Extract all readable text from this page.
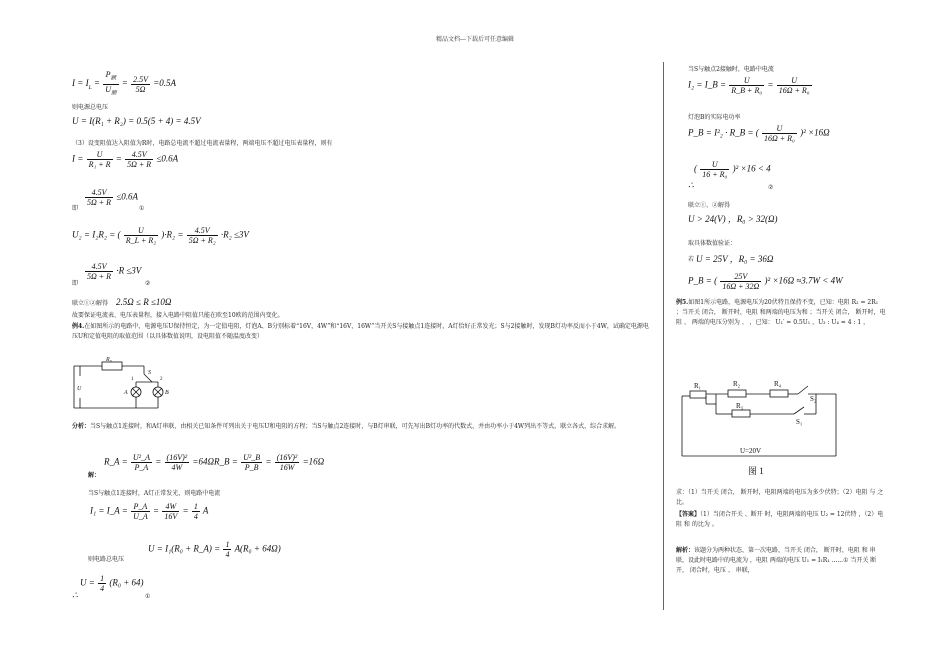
精品文档---下载后可任意编辑
$I = I_L$ =
$P_额$
$U_额$
= $\frac{2.5V}{5\Omega} =0.5A$
则电源总电压
U = I(R₁ + R₂) = 0.5(5 + 4) = 4.5V
（3）设变阻值达入阻值为R时，电路总电流不超过电流表量程，两端电压不超过电压表量程，则有
$I = \frac{U}{\text{R₁ + R}} = \frac{4.5V}{5\Omega + R} \le 0.6A$
$\frac{4.5V}{5\Omega + R} \le 0.6A$
即	①
U₂ = I₂R₂ = ( $\frac{U}{\text{R\_L + R₂}} )\cdot R_2 = \frac{4.5V}{\text{5Ω + R₂}} \cdot R_2 \le 3V$
$\frac{4.5V}{5\Omega + R} \cdot R \le 3V$
即	②
联立①②解得 2.5Ω ≤ R ≤10Ω
故要保证电流表、电压表量程，接入电路中阻值只能在欧至10欧的范围内变化。
例4.在如图所示的电路中，电源电压U保持恒定，为一定值电阻，灯泡A、B分别标着“16V，4W”和“16V，16W”当开关S与接触点1连接时，A灯恰好正常发光；S与2接触时，发现B灯功率反而小于4W，试确定电源电压U和定值电阻的取值范围（以具体数值说明，设电阻值不随温度改变）
R₀
S
U
1	2
A	B
分析：当S与触点1连接时，和A灯串联，由相关已知条件可列出关于电压U和电阻的方程；当S与触点2连接时，与B灯串联，可先写出B灯功率的代数式，并由功率小于4W列出不等式，联立各式，综合求解。
解：
R_A = $\frac{\text{U²\_A}}{P\_A} = \frac{\text{(16V)²}}{4W} =64\Omega$ R_B = $\frac{\text{U²\_B}}{P\_B} = \frac{\text{(16V)²}}{16W} =16\Omega$
当S与触点1连接时，A灯正常发光，则电路中电流
I₁ = I_A = $\frac{P\_A}{U\_A} = \frac{4W}{16V} = \frac{1}{4}$ A
U = I₁(R₀ + R_A) = $\frac{1}{4} A(R_0 + 64\Omega)$
则电路总电压
$U = \frac{1}{4} (R_0 + 64)$
∴	①
当S与触点2接触时，电路中电流
I₂ = I_B = $\frac{U}{\text{R\_B + R₀}} = \frac{U}{\text{16Ω + R₀}}$
灯泡B的实际电功率
P_B = I²₂ · R_B = ( $\frac{U}{\text{16Ω + R₀}} )^2 \times 16\Omega$
( $\frac{U}{\text{16 + R₀}} )^2 \times 16 < 4$
∴	②
联立①、②解得
U > 24(V) ，R₀ > 32(Ω)
取具体数值验证：
若 U = 25V ，R₀ = 36Ω
P_B = ( $\frac{25V}{16\Omega + 32\Omega} )^2 \times 16\Omega \approx 3.7W < 4W$
例5.如图1所示电路，电源电压为20伏特且保持不变，已知：电阻 R₂ = 2R₁ ；当开关 闭合， 断开时，电阻 和两端的电压为和 ；当开关 闭合， 断开时，电阻 、 两端的电压分别为 、 ，已知： U₁′ = 0.5U₁ ，U₃ : U₄ = 4 : 1 ，
R₁	R₂	R₄
R₃
S₂
S₁
U=20V
图 1
求：（1）当开关 闭合， 断开时，电阻两端的电压为多少伏特；（2）电阻 与 之比。
【答案】（1）当闭合开关 、断开 时，电阻两端的电压 U₂ = 12伏特 ，（2）电阻 和 的比为 。
解析：该题分为两种状态，第一次电路，当开关 闭合， 断开时，电阻 和 串联，设此时电路中的电流为 ，电阻 两端的电压 U₁ = I₁R₁ ......① 当开关 断开， 闭合时，电压 、 串联，
